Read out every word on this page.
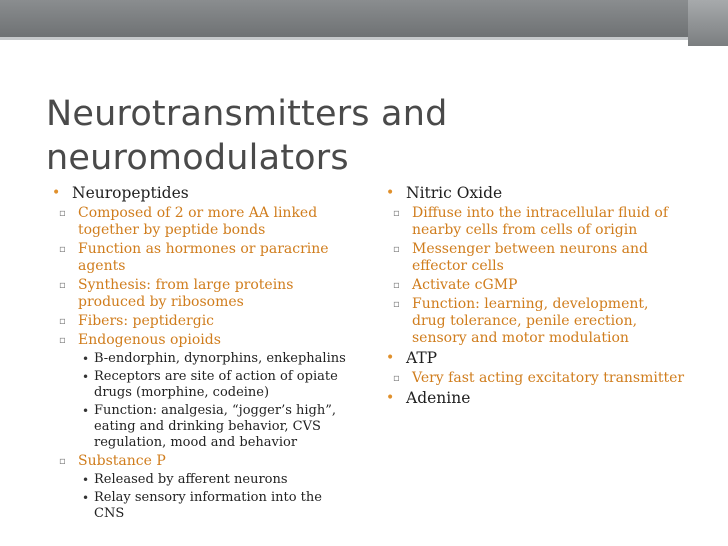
Neurotransmitters and neuromodulators
• Neuropeptides
▫ Composed of 2 or more AA linked together by peptide bonds
▫ Function as hormones or paracrine agents
▫ Synthesis: from large proteins produced by ribosomes
▫ Fibers: peptidergic
▫ Endogenous opioids
• B-endorphin, dynorphins, enkephalins
• Receptors are site of action of opiate drugs (morphine, codeine)
• Function: analgesia, “jogger’s high”, eating and drinking behavior, CVS regulation, mood and behavior
▫ Substance P
• Released by afferent neurons
• Relay sensory information into the CNS
• Nitric Oxide
▫ Diffuse into the intracellular fluid of nearby cells from cells of origin
▫ Messenger between neurons and effector cells
▫ Activate cGMP
▫ Function: learning, development, drug tolerance, penile erection, sensory and motor modulation
• ATP
▫ Very fast acting excitatory transmitter
• Adenine
